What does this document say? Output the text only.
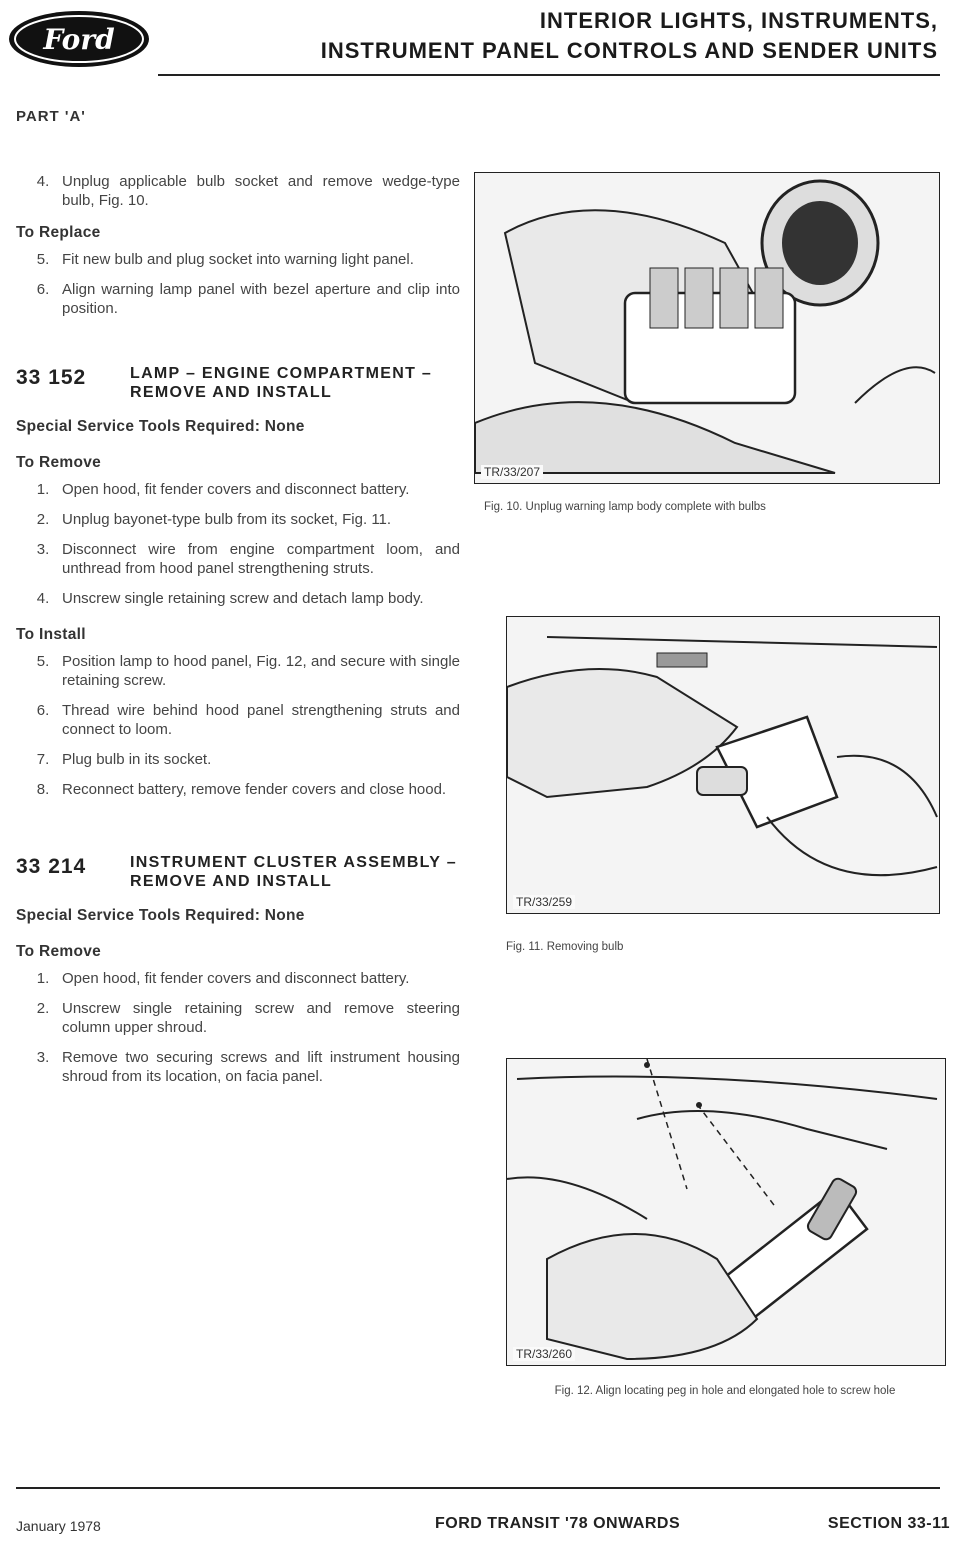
Ford
INTERIOR LIGHTS, INSTRUMENTS,
INSTRUMENT PANEL CONTROLS AND SENDER UNITS
PART 'A'
4. Unplug applicable bulb socket and remove wedge-type bulb, Fig. 10.
To Replace
5. Fit new bulb and plug socket into warning light panel.
6. Align warning lamp panel with bezel aperture and clip into position.
33 152	LAMP – ENGINE COMPARTMENT – REMOVE AND INSTALL
Special Service Tools Required: None
To Remove
1. Open hood, fit fender covers and disconnect battery.
2. Unplug bayonet-type bulb from its socket, Fig. 11.
3. Disconnect wire from engine compartment loom, and unthread from hood panel strengthening struts.
4. Unscrew single retaining screw and detach lamp body.
To Install
5. Position lamp to hood panel, Fig. 12, and secure with single retaining screw.
6. Thread wire behind hood panel strengthening struts and connect to loom.
7. Plug bulb in its socket.
8. Reconnect battery, remove fender covers and close hood.
33 214	INSTRUMENT CLUSTER ASSEMBLY – REMOVE AND INSTALL
Special Service Tools Required: None
To Remove
1. Open hood, fit fender covers and disconnect battery.
2. Unscrew single retaining screw and remove steering column upper shroud.
3. Remove two securing screws and lift instrument housing shroud from its location, on facia panel.
TR/33/207
Fig. 10. Unplug warning lamp body complete with bulbs
TR/33/259
Fig. 11. Removing bulb
TR/33/260
Fig. 12. Align locating peg in hole and elongated hole to screw hole
January 1978	FORD TRANSIT '78 ONWARDS	SECTION 33-11
